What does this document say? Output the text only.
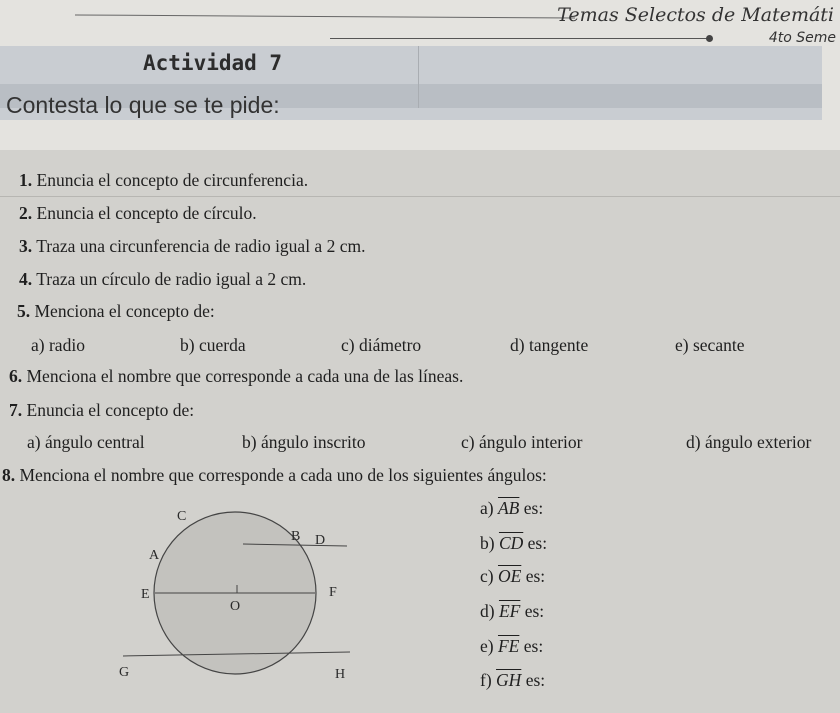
Temas Selectos de Matemáti
4to Seme
Actividad 7
Contesta lo que se te pide:
1. Enuncia el concepto de circunferencia.
2. Enuncia el concepto de círculo.
3. Traza una circunferencia de radio igual a 2 cm.
4. Traza un círculo de radio igual a 2 cm.
5. Menciona el concepto de:
a) radio	b) cuerda	c) diámetro	d) tangente	e) secante
6. Menciona el nombre que corresponde a cada una de las líneas.
7. Enuncia el concepto de:
a) ángulo central	b) ángulo inscrito	c) ángulo interior	d) ángulo exterior
8. Menciona el nombre que corresponde a cada uno de los siguientes ángulos:
a) $\overline{AB}$ es:
b) $\overline{CD}$ es:
c) $\overline{OE}$ es:
d) $\overline{EF}$ es:
e) $\overline{FE}$ es:
f) $\overline{GH}$ es:
C
B D
A
E
O
F
G	H
